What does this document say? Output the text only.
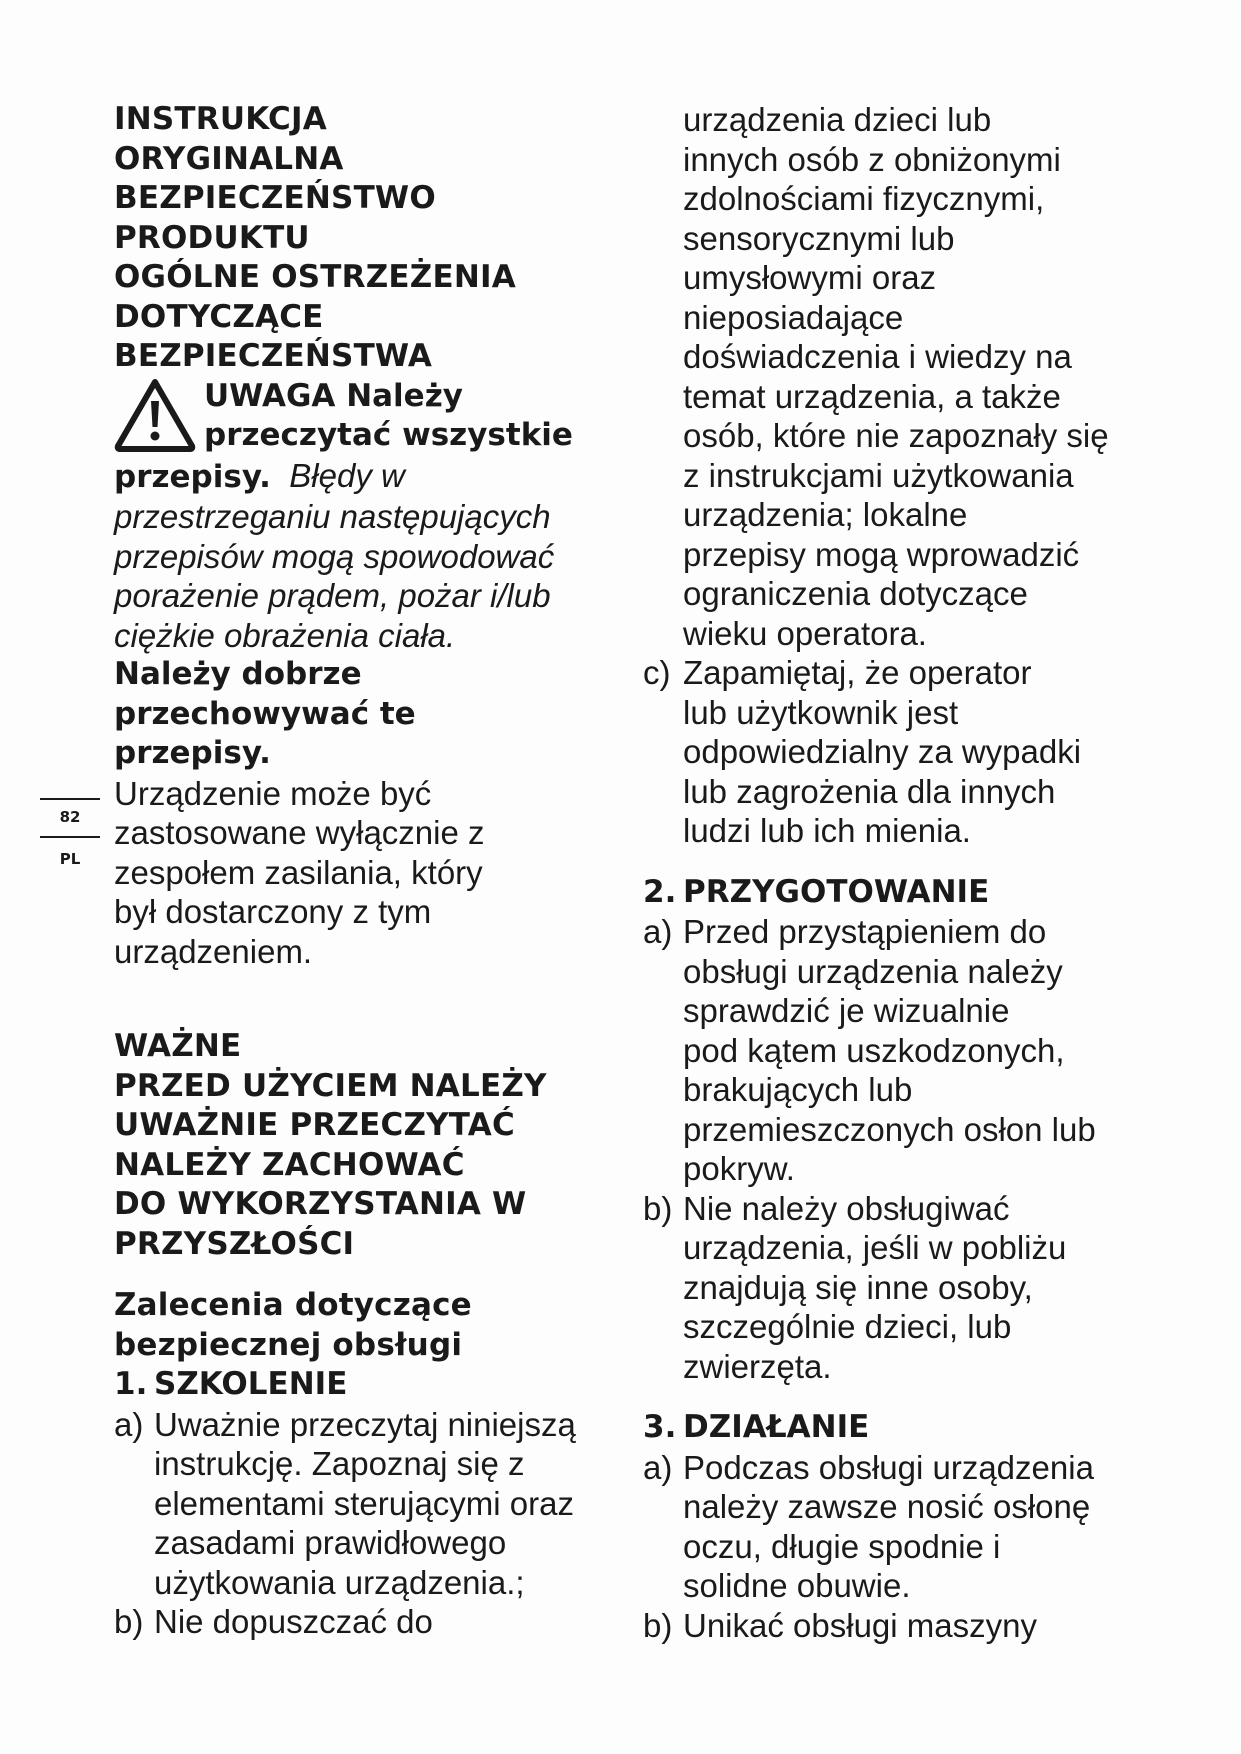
82
PL
INSTRUKCJA
ORYGINALNA
BEZPIECZEŃSTWO
PRODUKTU
OGÓLNE OSTRZEŻENIA
DOTYCZĄCE
BEZPIECZEŃSTWA
UWAGA Należy
przeczytać wszystkie
przepisy. Błędy w
przestrzeganiu następujących
przepisów mogą spowodować
porażenie prądem, pożar i/lub
ciężkie obrażenia ciała.
Należy dobrze
przechowywać te
przepisy.
Urządzenie może być
zastosowane wyłącznie z
zespołem zasilania, który
był dostarczony z tym
urządzeniem.
WAŻNE
PRZED UŻYCIEM NALEŻY
UWAŻNIE PRZECZYTAĆ
NALEŻY ZACHOWAĆ
DO WYKORZYSTANIA W
PRZYSZŁOŚCI
Zalecenia dotyczące
bezpiecznej obsługi
1. SZKOLENIE
a) Uważnie przeczytaj niniejszą
instrukcję. Zapoznaj się z
elementami sterującymi oraz
zasadami prawidłowego
użytkowania urządzenia.;
b) Nie dopuszczać do
urządzenia dzieci lub
innych osób z obniżonymi
zdolnościami fizycznymi,
sensorycznymi lub
umysłowymi oraz
nieposiadające
doświadczenia i wiedzy na
temat urządzenia, a także
osób, które nie zapoznały się
z instrukcjami użytkowania
urządzenia; lokalne
przepisy mogą wprowadzić
ograniczenia dotyczące
wieku operatora.
c) Zapamiętaj, że operator
lub użytkownik jest
odpowiedzialny za wypadki
lub zagrożenia dla innych
ludzi lub ich mienia.
2. PRZYGOTOWANIE
a) Przed przystąpieniem do
obsługi urządzenia należy
sprawdzić je wizualnie
pod kątem uszkodzonych,
brakujących lub
przemieszczonych osłon lub
pokryw.
b) Nie należy obsługiwać
urządzenia, jeśli w pobliżu
znajdują się inne osoby,
szczególnie dzieci, lub
zwierzęta.
3. DZIAŁANIE
a) Podczas obsługi urządzenia
należy zawsze nosić osłonę
oczu, długie spodnie i
solidne obuwie.
b) Unikać obsługi maszyny
